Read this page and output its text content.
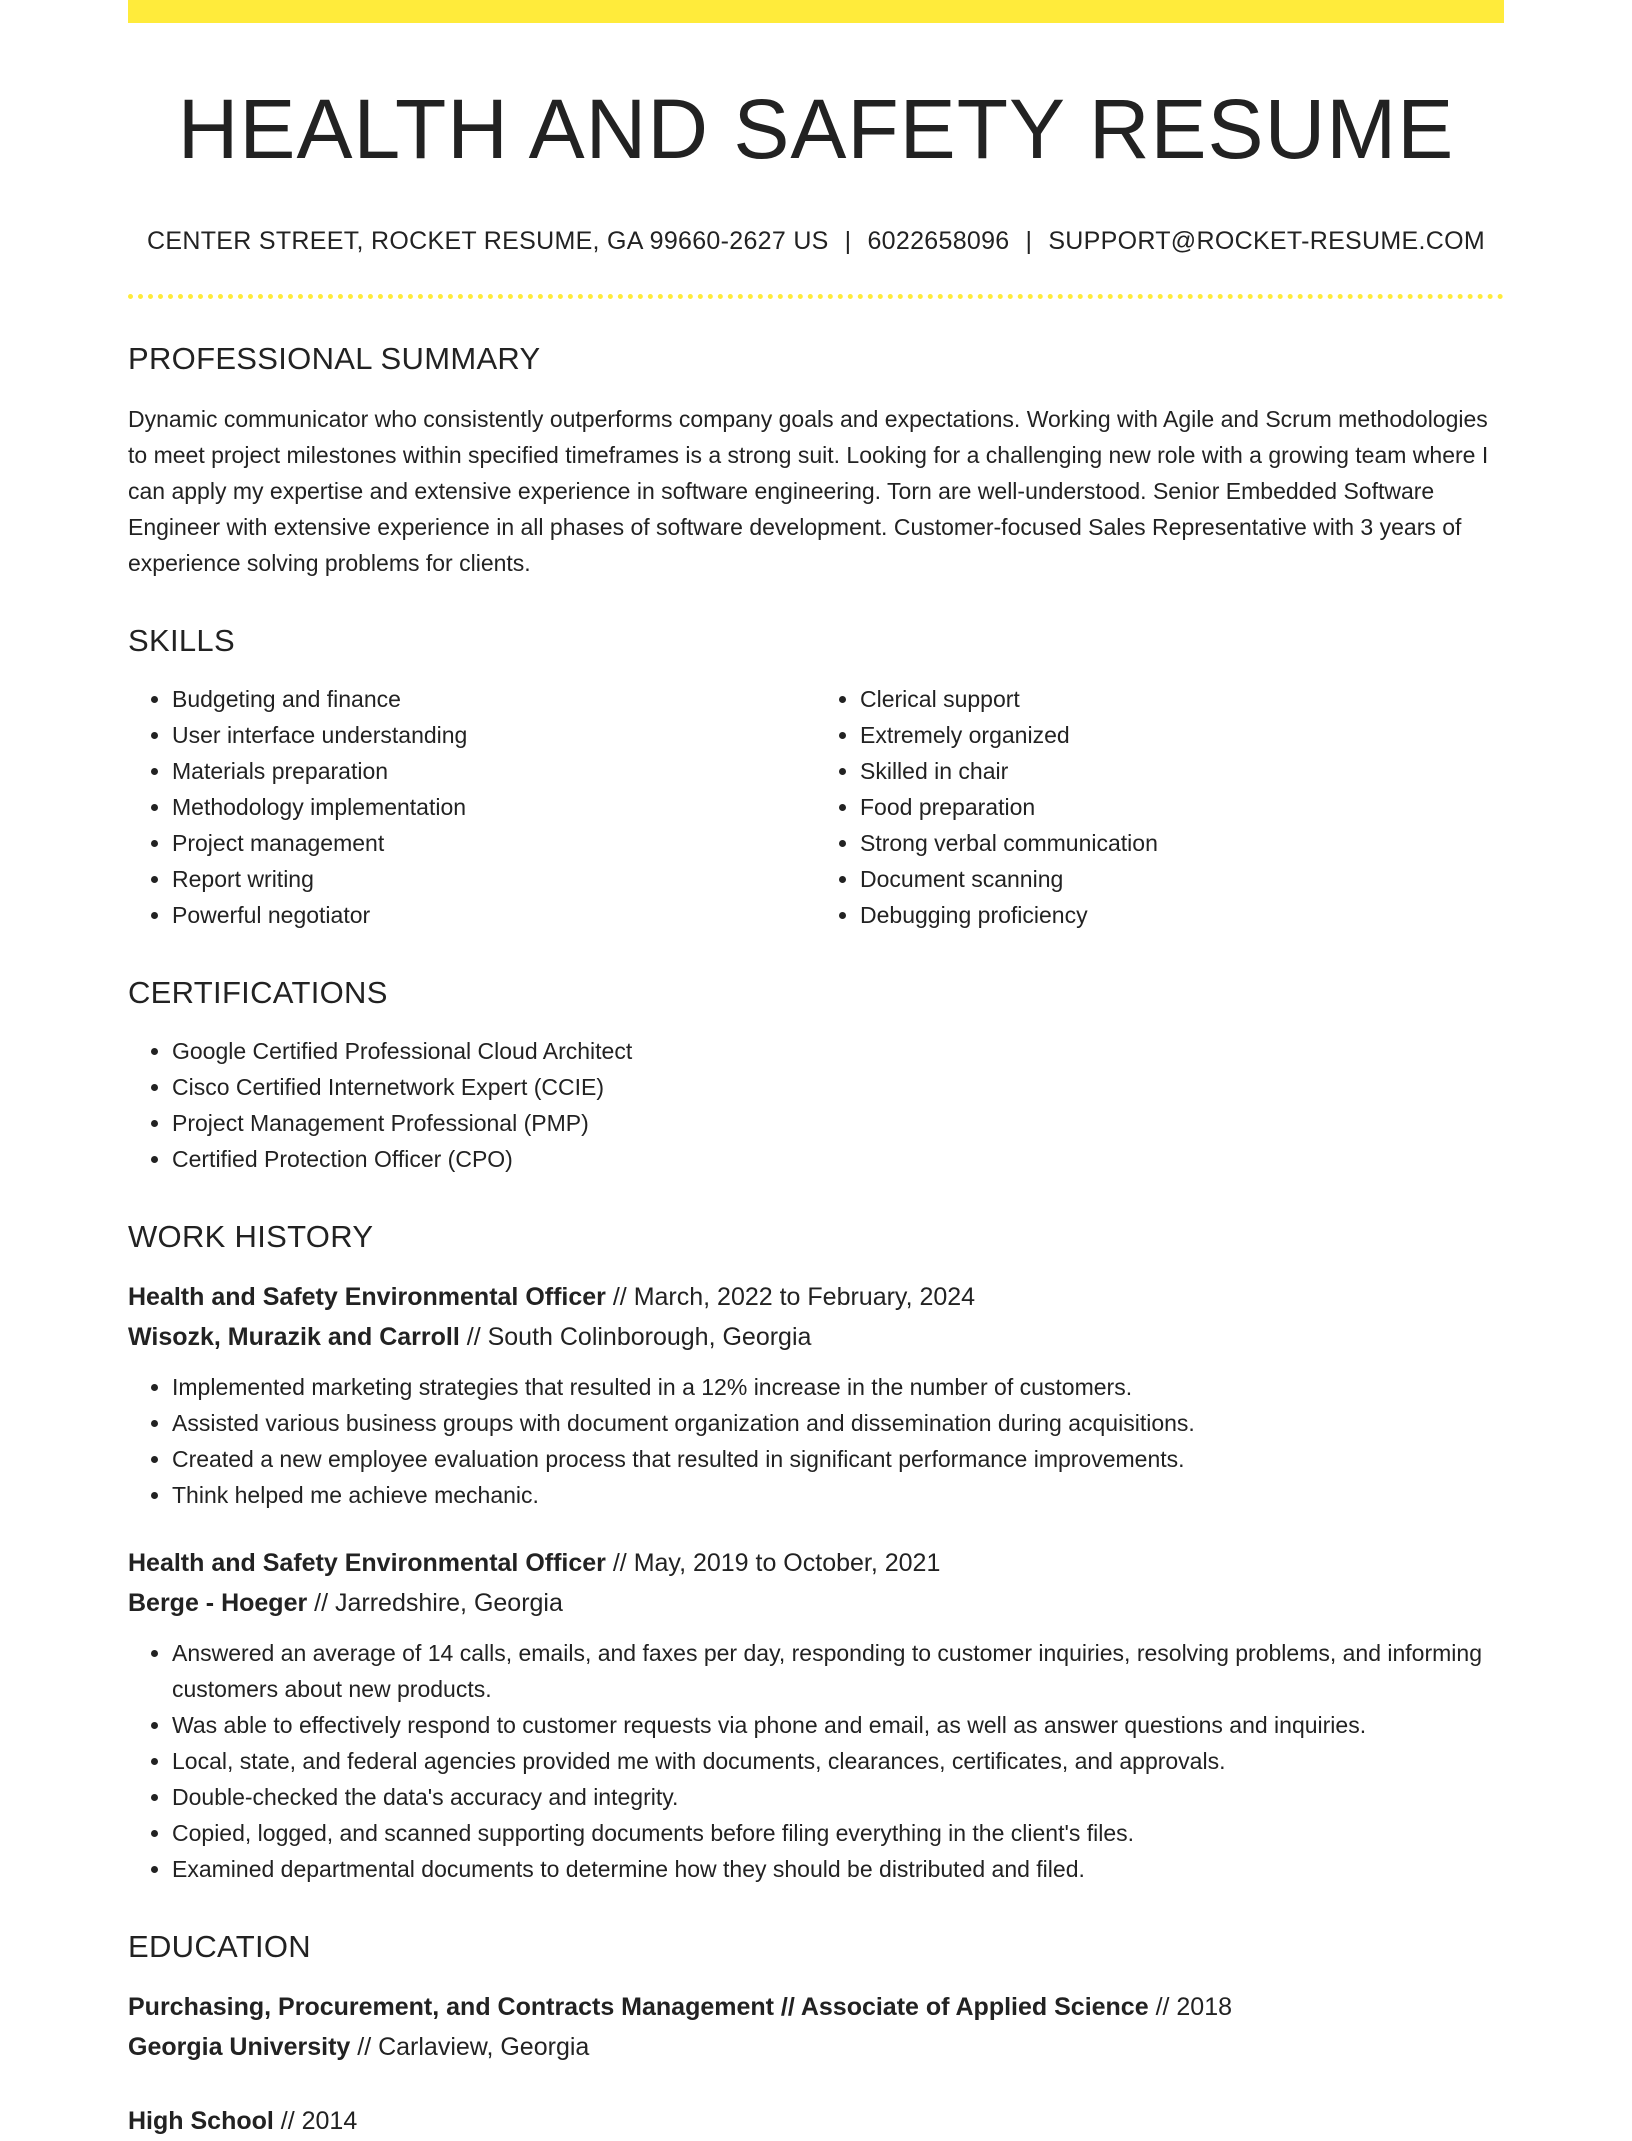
HEALTH AND SAFETY RESUME
CENTER STREET, ROCKET RESUME, GA 99660-2627 US | 6022658096 | SUPPORT@ROCKET-RESUME.COM
PROFESSIONAL SUMMARY
Dynamic communicator who consistently outperforms company goals and expectations. Working with Agile and Scrum methodologies to meet project milestones within specified timeframes is a strong suit. Looking for a challenging new role with a growing team where I can apply my expertise and extensive experience in software engineering. Torn are well-understood. Senior Embedded Software Engineer with extensive experience in all phases of software development. Customer-focused Sales Representative with 3 years of experience solving problems for clients.
SKILLS
• Budgeting and finance
• User interface understanding
• Materials preparation
• Methodology implementation
• Project management
• Report writing
• Powerful negotiator
• Clerical support
• Extremely organized
• Skilled in chair
• Food preparation
• Strong verbal communication
• Document scanning
• Debugging proficiency
CERTIFICATIONS
• Google Certified Professional Cloud Architect
• Cisco Certified Internetwork Expert (CCIE)
• Project Management Professional (PMP)
• Certified Protection Officer (CPO)
WORK HISTORY
Health and Safety Environmental Officer // March, 2022 to February, 2024
Wisozk, Murazik and Carroll // South Colinborough, Georgia
• Implemented marketing strategies that resulted in a 12% increase in the number of customers.
• Assisted various business groups with document organization and dissemination during acquisitions.
• Created a new employee evaluation process that resulted in significant performance improvements.
• Think helped me achieve mechanic.
Health and Safety Environmental Officer // May, 2019 to October, 2021
Berge - Hoeger // Jarredshire, Georgia
• Answered an average of 14 calls, emails, and faxes per day, responding to customer inquiries, resolving problems, and informing customers about new products.
• Was able to effectively respond to customer requests via phone and email, as well as answer questions and inquiries.
• Local, state, and federal agencies provided me with documents, clearances, certificates, and approvals.
• Double-checked the data's accuracy and integrity.
• Copied, logged, and scanned supporting documents before filing everything in the client's files.
• Examined departmental documents to determine how they should be distributed and filed.
EDUCATION
Purchasing, Procurement, and Contracts Management // Associate of Applied Science // 2018
Georgia University // Carlaview, Georgia
High School // 2014
